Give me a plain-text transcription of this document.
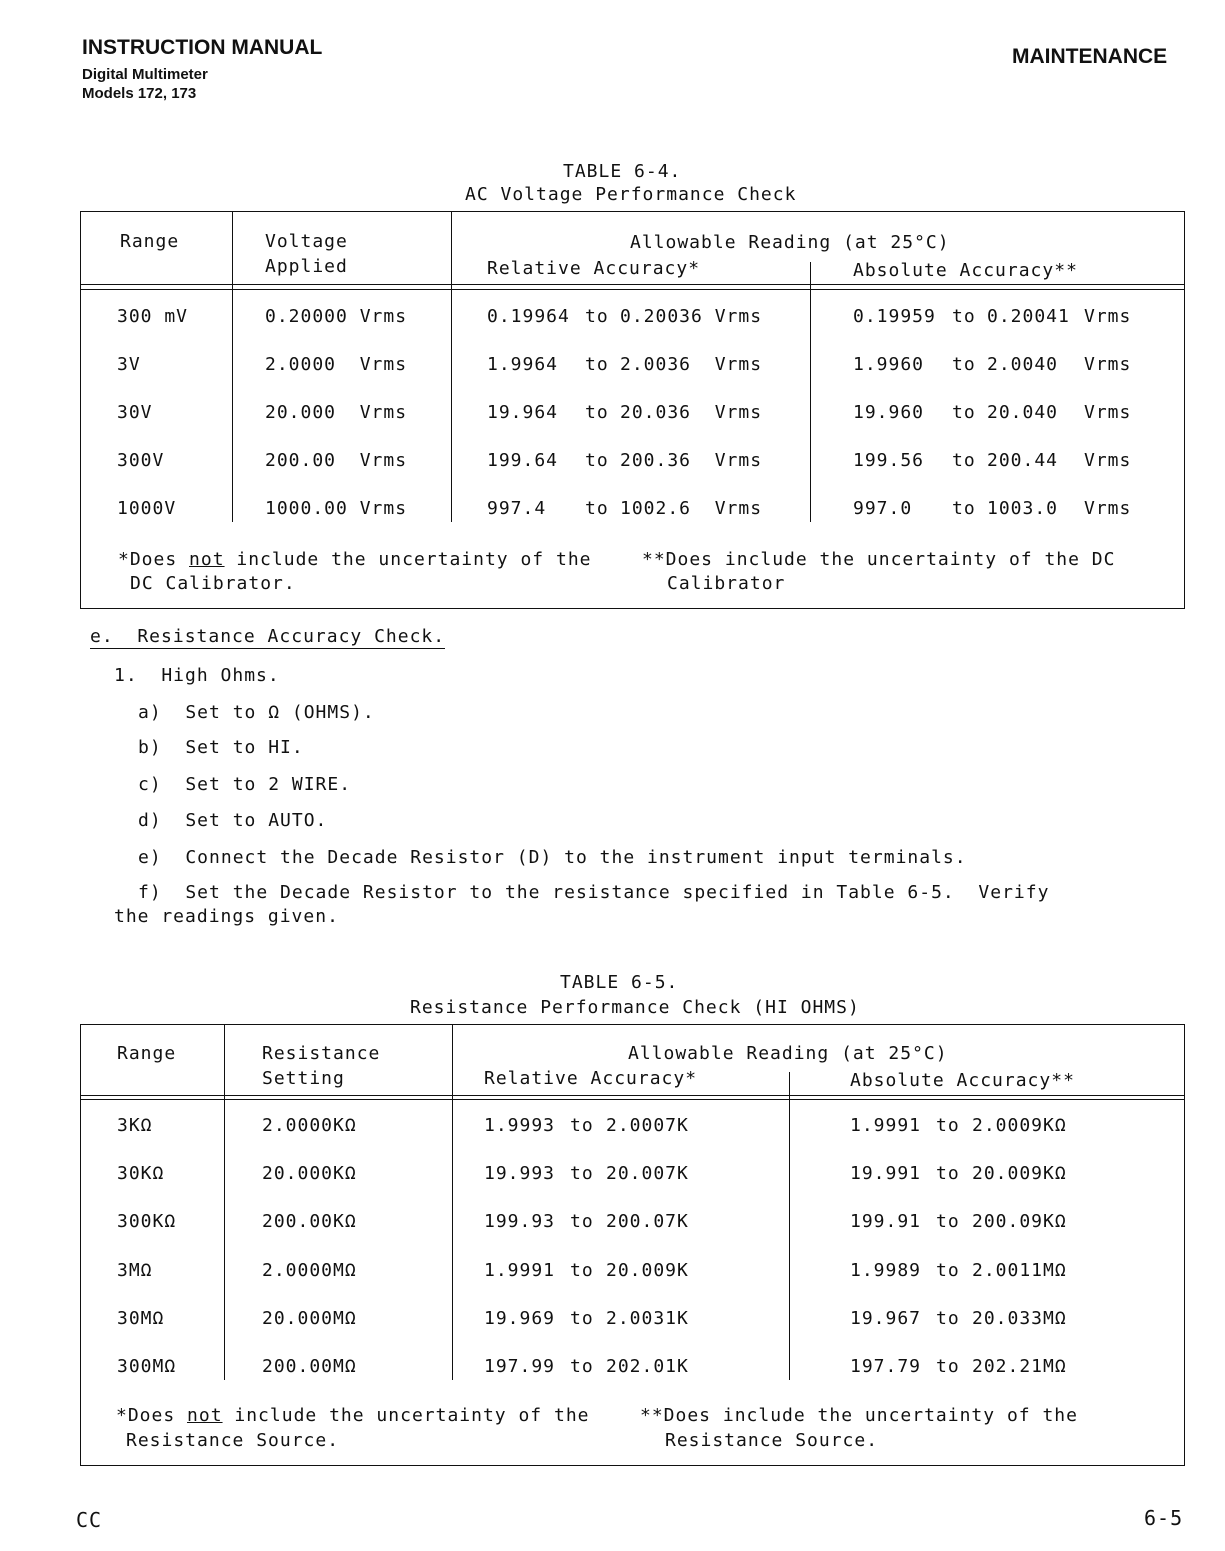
INSTRUCTION MANUAL
Digital Multimeter
Models 172, 173
MAINTENANCE
TABLE 6-4.
AC Voltage Performance Check
Range	Voltage
Applied
Allowable Reading (at 25°C)
Relative Accuracy*	Absolute Accuracy**
300 mV	0.20000 Vrms	0.19964 to 0.20036 Vrms	0.19959 to 0.20041 Vrms
3V	2.0000  Vrms	1.9964 to 2.0036  Vrms	1.9960 to 2.0040 Vrms
30V	20.000  Vrms	19.964 to 20.036  Vrms	19.960 to 20.040 Vrms
300V	200.00  Vrms	199.64 to 200.36  Vrms	199.56 to 200.44 Vrms
1000V	1000.00 Vrms	997.4 to 1002.6  Vrms	997.0 to 1003.0 Vrms
*Does not include the uncertainty of the
DC Calibrator.
**Does include the uncertainty of the DC
Calibrator
e.  Resistance Accuracy Check.
1.  High Ohms.
a)  Set to Ω (OHMS).
b)  Set to HI.
c)  Set to 2 WIRE.
d)  Set to AUTO.
e)  Connect the Decade Resistor (D) to the instrument input terminals.
f)  Set the Decade Resistor to the resistance specified in Table 6-5.  Verify
the readings given.
TABLE 6-5.
Resistance Performance Check (HI OHMS)
Range	Resistance
Setting
Allowable Reading (at 25°C)
Relative Accuracy*	Absolute Accuracy**
3KΩ	2.0000KΩ	1.9993 to 2.0007K	1.9991 to 2.0009KΩ
30KΩ	20.000KΩ	19.993 to 20.007K	19.991 to 20.009KΩ
300KΩ	200.00KΩ	199.93 to 200.07K	199.91 to 200.09KΩ
3MΩ	2.0000MΩ	1.9991 to 20.009K	1.9989 to 2.0011MΩ
30MΩ	20.000MΩ	19.969 to 2.0031K	19.967 to 20.033MΩ
300MΩ	200.00MΩ	197.99 to 202.01K	197.79 to 202.21MΩ
*Does not include the uncertainty of the
Resistance Source.
**Does include the uncertainty of the
Resistance Source.
CC	6-5
